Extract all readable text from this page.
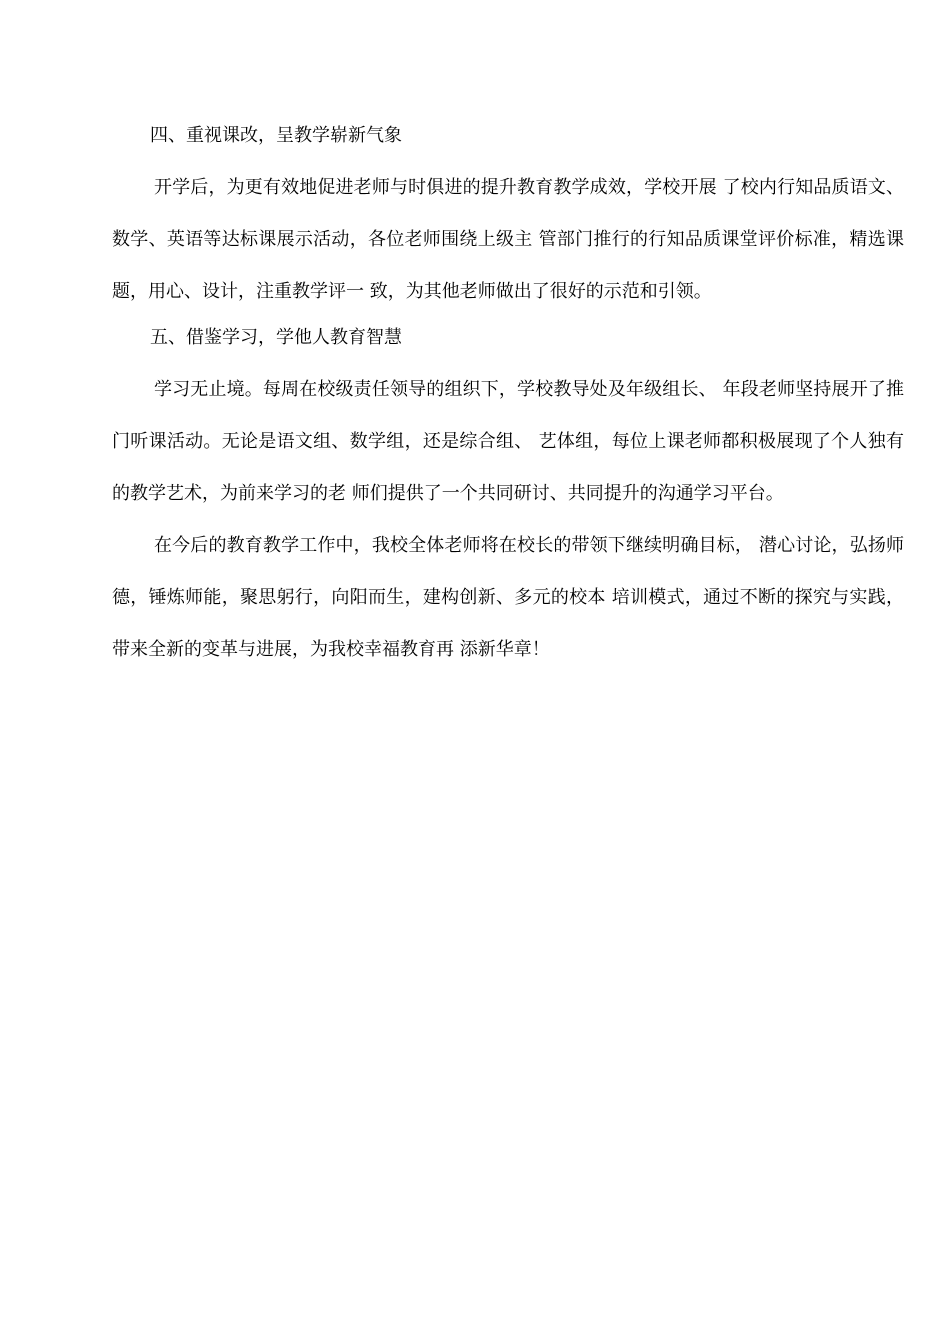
四、重视课改，呈教学崭新气象

开学后，为更有效地促进老师与时俱进的提升教育教学成效，学校开展 了校内行知品质语文、数学、英语等达标课展示活动，各位老师围绕上级主 管部门推行的行知品质课堂评价标准，精选课题，用心、设计，注重教学评一 致，为其他老师做出了很好的示范和引领。

五、借鉴学习，学他人教育智慧

学习无止境。每周在校级责任领导的组织下，学校教导处及年级组长、 年段老师坚持展开了推门听课活动。无论是语文组、数学组，还是综合组、 艺体组，每位上课老师都积极展现了个人独有的教学艺术，为前来学习的老 师们提供了一个共同研讨、共同提升的沟通学习平台。

在今后的教育教学工作中，我校全体老师将在校长的带领下继续明确目标， 潜心讨论，弘扬师德，锤炼师能，聚思躬行，向阳而生，建构创新、多元的校本 培训模式，通过不断的探究与实践，带来全新的变革与进展，为我校幸福教育再 添新华章！
